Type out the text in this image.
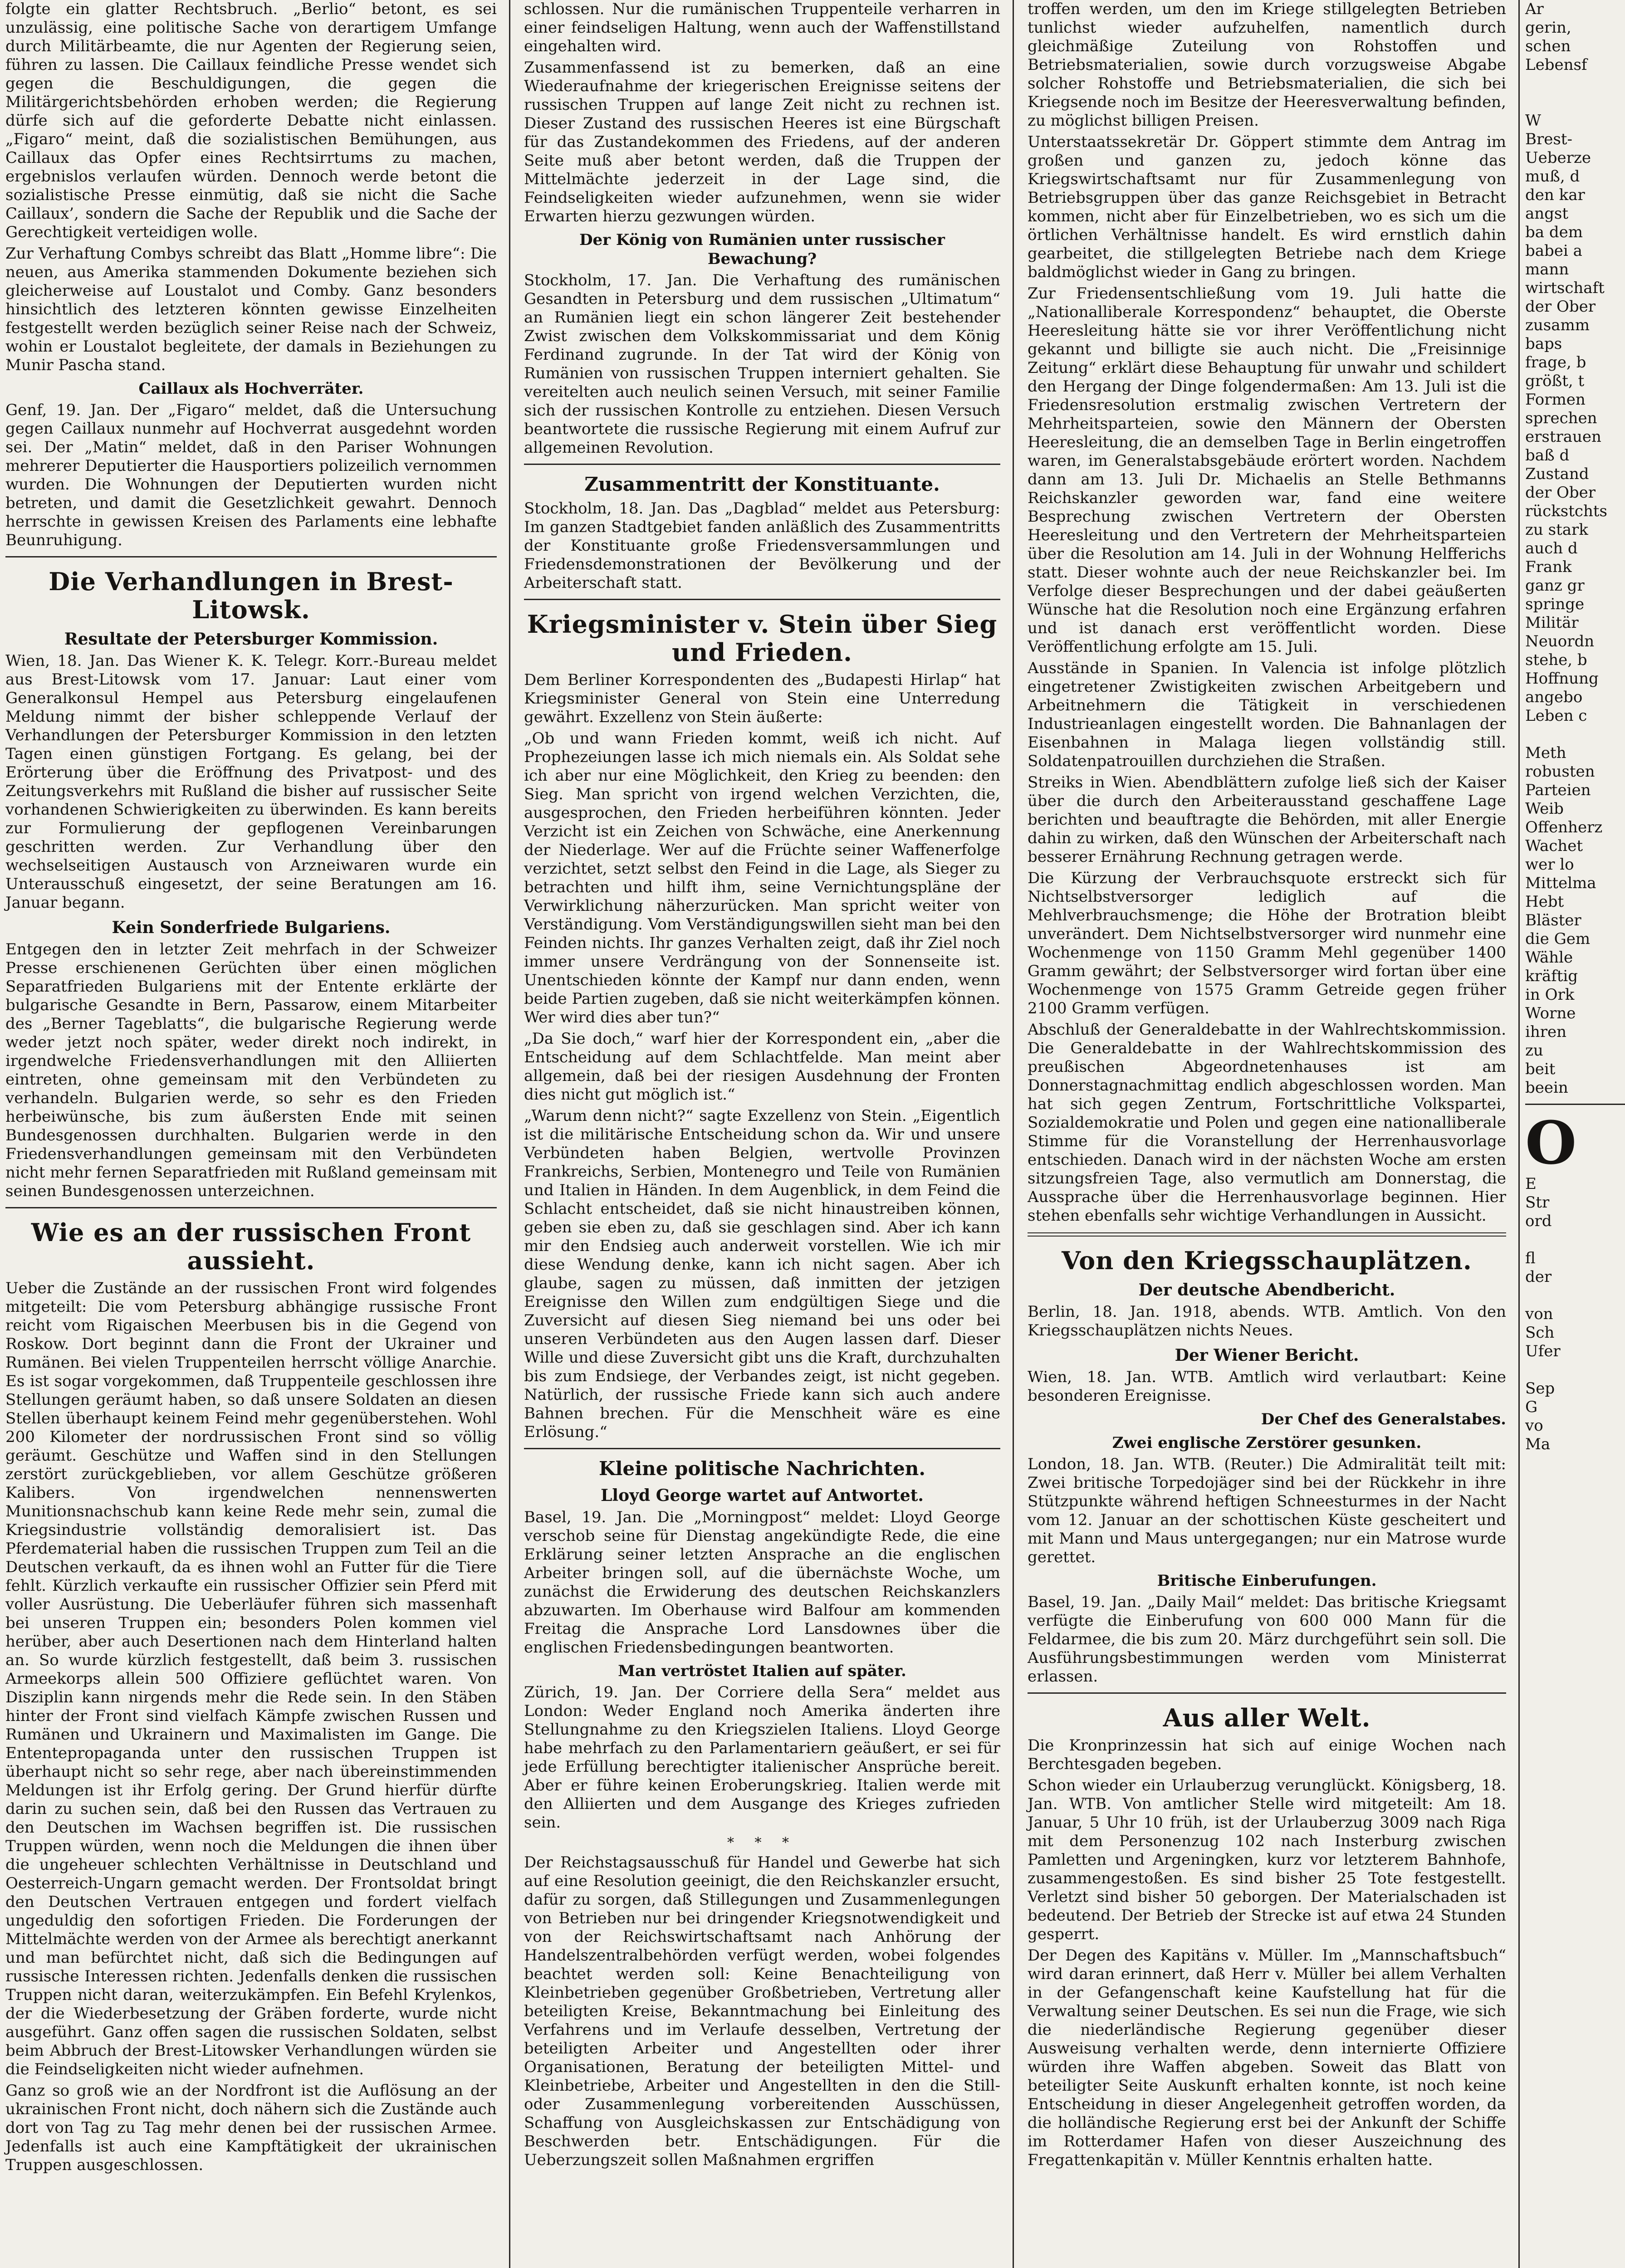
folgte ein glatter Rechtsbruch. „Berlio“ betont, es sei unzulässig, eine politische Sache von derartigem Umfange durch Militärbeamte, die nur Agenten der Regierung seien, führen zu lassen. Die Caillaux feindliche Presse wendet sich gegen die Beschuldigungen, die gegen die Militärgerichtsbehörden erhoben werden; die Regierung dürfe sich auf die geforderte Debatte nicht einlassen. „Figaro“ meint, daß die sozialistischen Bemühungen, aus Caillaux das Opfer eines Rechtsirrtums zu machen, ergebnislos verlaufen würden. Dennoch werde betont die sozialistische Presse einmütig, daß sie nicht die Sache Caillaux’, sondern die Sache der Republik und die Sache der Gerechtigkeit verteidigen wolle.

Zur Verhaftung Combys schreibt das Blatt „Homme libre“: Die neuen, aus Amerika stammenden Dokumente beziehen sich gleicherweise auf Loustalot und Comby. Ganz besonders hinsichtlich des letzteren könnten gewisse Einzelheiten festgestellt werden bezüglich seiner Reise nach der Schweiz, wohin er Loustalot begleitete, der damals in Beziehungen zu Munir Pascha stand.

Caillaux als Hochverräter.

Genf, 19. Jan. Der „Figaro“ meldet, daß die Untersuchung gegen Caillaux nunmehr auf Hochverrat ausgedehnt worden sei. Der „Matin“ meldet, daß in den Pariser Wohnungen mehrerer Deputierter die Hausportiers polizeilich vernommen wurden. Die Wohnungen der Deputierten wurden nicht betreten, und damit die Gesetzlichkeit gewahrt. Dennoch herrschte in gewissen Kreisen des Parlaments eine lebhafte Beunruhigung.

Die Verhandlungen in Brest-Litowsk.
Resultate der Petersburger Kommission.

Wien, 18. Jan. Das Wiener K. K. Telegr. Korr.-Bureau meldet aus Brest-Litowsk vom 17. Januar: Laut einer vom Generalkonsul Hempel aus Petersburg eingelaufenen Meldung nimmt der bisher schleppende Verlauf der Verhandlungen der Petersburger Kommission in den letzten Tagen einen günstigen Fortgang. Es gelang, bei der Erörterung über die Eröffnung des Privatpost- und des Zeitungsverkehrs mit Rußland die bisher auf russischer Seite vorhandenen Schwierigkeiten zu überwinden. Es kann bereits zur Formulierung der gepflogenen Vereinbarungen geschritten werden. Zur Verhandlung über den wechselseitigen Austausch von Arzneiwaren wurde ein Unterausschuß eingesetzt, der seine Beratungen am 16. Januar begann.

Kein Sonderfriede Bulgariens.

Entgegen den in letzter Zeit mehrfach in der Schweizer Presse erschienenen Gerüchten über einen möglichen Separatfrieden Bulgariens mit der Entente erklärte der bulgarische Gesandte in Bern, Passarow, einem Mitarbeiter des „Berner Tageblatts“, die bulgarische Regierung werde weder jetzt noch später, weder direkt noch indirekt, in irgendwelche Friedensverhandlungen mit den Alliierten eintreten, ohne gemeinsam mit den Verbündeten zu verhandeln. Bulgarien werde, so sehr es den Frieden herbeiwünsche, bis zum äußersten Ende mit seinen Bundesgenossen durchhalten. Bulgarien werde in den Friedensverhandlungen gemeinsam mit den Verbündeten nicht mehr fernen Separatfrieden mit Rußland gemeinsam mit seinen Bundesgenossen unterzeichnen.

Wie es an der russischen Front aussieht.

Ueber die Zustände an der russischen Front wird folgendes mitgeteilt: Die vom Petersburg abhängige russische Front reicht vom Rigaischen Meerbusen bis in die Gegend von Roskow. Dort beginnt dann die Front der Ukrainer und Rumänen. Bei vielen Truppenteilen herrscht völlige Anarchie. Es ist sogar vorgekommen, daß Truppenteile geschlossen ihre Stellungen geräumt haben, so daß unsere Soldaten an diesen Stellen überhaupt keinem Feind mehr gegenüberstehen. Wohl 200 Kilometer der nordrussischen Front sind so völlig geräumt. Geschütze und Waffen sind in den Stellungen zerstört zurückgeblieben, vor allem Geschütze größeren Kalibers. Von irgendwelchen nennenswerten Munitionsnachschub kann keine Rede mehr sein, zumal die Kriegsindustrie vollständig demoralisiert ist. Das Pferdematerial haben die russischen Truppen zum Teil an die Deutschen verkauft, da es ihnen wohl an Futter für die Tiere fehlt. Kürzlich verkaufte ein russischer Offizier sein Pferd mit voller Ausrüstung. Die Ueberläufer führen sich massenhaft bei unseren Truppen ein; besonders Polen kommen viel herüber, aber auch Desertionen nach dem Hinterland halten an. So wurde kürzlich festgestellt, daß beim 3. russischen Armeekorps allein 500 Offiziere geflüchtet waren. Von Disziplin kann nirgends mehr die Rede sein. In den Stäben hinter der Front sind vielfach Kämpfe zwischen Russen und Rumänen und Ukrainern und Maximalisten im Gange. Die Ententepropaganda unter den russischen Truppen ist überhaupt nicht so sehr rege, aber nach übereinstimmenden Meldungen ist ihr Erfolg gering. Der Grund hierfür dürfte darin zu suchen sein, daß bei den Russen das Vertrauen zu den Deutschen im Wachsen begriffen ist. Die russischen Truppen würden, wenn noch die Meldungen die ihnen über die ungeheuer schlechten Verhältnisse in Deutschland und Oesterreich-Ungarn gemacht werden. Der Frontsoldat bringt den Deutschen Vertrauen entgegen und fordert vielfach ungeduldig den sofortigen Frieden. Die Forderungen der Mittelmächte werden von der Armee als berechtigt anerkannt und man befürchtet nicht, daß sich die Bedingungen auf russische Interessen richten. Jedenfalls denken die russischen Truppen nicht daran, weiterzukämpfen. Ein Befehl Krylenkos, der die Wiederbesetzung der Gräben forderte, wurde nicht ausgeführt. Ganz offen sagen die russischen Soldaten, selbst beim Abbruch der Brest-Litowsker Verhandlungen würden sie die Feindseligkeiten nicht wieder aufnehmen.

Ganz so groß wie an der Nordfront ist die Auflösung an der ukrainischen Front nicht, doch nähern sich die Zustände auch dort von Tag zu Tag mehr denen bei der russischen Armee. Jedenfalls ist auch eine Kampftätigkeit der ukrainischen Truppen ausgeschlossen.

schlossen. Nur die rumänischen Truppenteile verharren in einer feindseligen Haltung, wenn auch der Waffenstillstand eingehalten wird.

Zusammenfassend ist zu bemerken, daß an eine Wiederaufnahme der kriegerischen Ereignisse seitens der russischen Truppen auf lange Zeit nicht zu rechnen ist. Dieser Zustand des russischen Heeres ist eine Bürgschaft für das Zustandekommen des Friedens, auf der anderen Seite muß aber betont werden, daß die Truppen der Mittelmächte jederzeit in der Lage sind, die Feindseligkeiten wieder aufzunehmen, wenn sie wider Erwarten hierzu gezwungen würden.

Der König von Rumänien unter russischer Bewachung?

Stockholm, 17. Jan. Die Verhaftung des rumänischen Gesandten in Petersburg und dem russischen „Ultimatum“ an Rumänien liegt ein schon längerer Zeit bestehender Zwist zwischen dem Volkskommissariat und dem König Ferdinand zugrunde. In der Tat wird der König von Rumänien von russischen Truppen interniert gehalten. Sie vereitelten auch neulich seinen Versuch, mit seiner Familie sich der russischen Kontrolle zu entziehen. Diesen Versuch beantwortete die russische Regierung mit einem Aufruf zur allgemeinen Revolution.

Zusammentritt der Konstituante.

Stockholm, 18. Jan. Das „Dagblad“ meldet aus Petersburg: Im ganzen Stadtgebiet fanden anläßlich des Zusammentritts der Konstituante große Friedensversammlungen und Friedensdemonstrationen der Bevölkerung und der Arbeiterschaft statt.

Kriegsminister v. Stein über Sieg und Frieden.

Dem Berliner Korrespondenten des „Budapesti Hirlap“ hat Kriegsminister General von Stein eine Unterredung gewährt. Exzellenz von Stein äußerte:

„Ob und wann Frieden kommt, weiß ich nicht. Auf Prophezeiungen lasse ich mich niemals ein. Als Soldat sehe ich aber nur eine Möglichkeit, den Krieg zu beenden: den Sieg. Man spricht von irgend welchen Verzichten, die, ausgesprochen, den Frieden herbeiführen könnten. Jeder Verzicht ist ein Zeichen von Schwäche, eine Anerkennung der Niederlage. Wer auf die Früchte seiner Waffenerfolge verzichtet, setzt selbst den Feind in die Lage, als Sieger zu betrachten und hilft ihm, seine Vernichtungspläne der Verwirklichung näherzurücken. Man spricht weiter von Verständigung. Vom Verständigungswillen sieht man bei den Feinden nichts. Ihr ganzes Verhalten zeigt, daß ihr Ziel noch immer unsere Verdrängung von der Sonnenseite ist. Unentschieden könnte der Kampf nur dann enden, wenn beide Partien zugeben, daß sie nicht weiterkämpfen können. Wer wird dies aber tun?“

„Da Sie doch,“ warf hier der Korrespondent ein, „aber die Entscheidung auf dem Schlachtfelde. Man meint aber allgemein, daß bei der riesigen Ausdehnung der Fronten dies nicht gut möglich ist.“

„Warum denn nicht?“ sagte Exzellenz von Stein. „Eigentlich ist die militärische Entscheidung schon da. Wir und unsere Verbündeten haben Belgien, wertvolle Provinzen Frankreichs, Serbien, Montenegro und Teile von Rumänien und Italien in Händen. In dem Augenblick, in dem Feind die Schlacht entscheidet, daß sie nicht hinaustreiben können, geben sie eben zu, daß sie geschlagen sind. Aber ich kann mir den Endsieg auch anderweit vorstellen. Wie ich mir diese Wendung denke, kann ich nicht sagen. Aber ich glaube, sagen zu müssen, daß inmitten der jetzigen Ereignisse den Willen zum endgültigen Siege und die Zuversicht auf diesen Sieg niemand bei uns oder bei unseren Verbündeten aus den Augen lassen darf. Dieser Wille und diese Zuversicht gibt uns die Kraft, durchzuhalten bis zum Endsiege, der Verbandes zeigt, ist nicht gegeben. Natürlich, der russische Friede kann sich auch andere Bahnen brechen. Für die Menschheit wäre es eine Erlösung.“

Kleine politische Nachrichten.
Lloyd George wartet auf Antwortet.

Basel, 19. Jan. Die „Morningpost“ meldet: Lloyd George verschob seine für Dienstag angekündigte Rede, die eine Erklärung seiner letzten Ansprache an die englischen Arbeiter bringen soll, auf die übernächste Woche, um zunächst die Erwiderung des deutschen Reichskanzlers abzuwarten. Im Oberhause wird Balfour am kommenden Freitag die Ansprache Lord Lansdownes über die englischen Friedensbedingungen beantworten.

Man vertröstet Italien auf später.

Zürich, 19. Jan. Der Corriere della Sera“ meldet aus London: Weder England noch Amerika änderten ihre Stellungnahme zu den Kriegszielen Italiens. Lloyd George habe mehrfach zu den Parlamentariern geäußert, er sei für jede Erfüllung berechtigter italienischer Ansprüche bereit. Aber er führe keinen Eroberungskrieg. Italien werde mit den Alliierten und dem Ausgange des Krieges zufrieden sein.

* * *

Der Reichstagsausschuß für Handel und Gewerbe hat sich auf eine Resolution geeinigt, die den Reichskanzler ersucht, dafür zu sorgen, daß Stillegungen und Zusammenlegungen von Betrieben nur bei dringender Kriegsnotwendigkeit und von der Reichswirtschaftsamt nach Anhörung der Handelszentralbehörden verfügt werden, wobei folgendes beachtet werden soll: Keine Benachteiligung von Kleinbetrieben gegenüber Großbetrieben, Vertretung aller beteiligten Kreise, Bekanntmachung bei Einleitung des Verfahrens und im Verlaufe desselben, Vertretung der beteiligten Arbeiter und Angestellten oder ihrer Organisationen, Beratung der beteiligten Mittel- und Kleinbetriebe, Arbeiter und Angestellten in den die Still- oder Zusammenlegung vorbereitenden Ausschüssen, Schaffung von Ausgleichskassen zur Entschädigung von Beschwerden betr. Entschädigungen. Für die Ueberzungszeit sollen Maßnahmen ergriffen

troffen werden, um den im Kriege stillgelegten Betrieben tunlichst wieder aufzuhelfen, namentlich durch gleichmäßige Zuteilung von Rohstoffen und Betriebsmaterialien, sowie durch vorzugsweise Abgabe solcher Rohstoffe und Betriebsmaterialien, die sich bei Kriegsende noch im Besitze der Heeresverwaltung befinden, zu möglichst billigen Preisen.

Unterstaatssekretär Dr. Göppert stimmte dem Antrag im großen und ganzen zu, jedoch könne das Kriegswirtschaftsamt nur für Zusammenlegung von Betriebsgruppen über das ganze Reichsgebiet in Betracht kommen, nicht aber für Einzelbetrieben, wo es sich um die örtlichen Verhältnisse handelt. Es wird ernstlich dahin gearbeitet, die stillgelegten Betriebe nach dem Kriege baldmöglichst wieder in Gang zu bringen.

Zur Friedensentschließung vom 19. Juli hatte die „Nationalliberale Korrespondenz“ behauptet, die Oberste Heeresleitung hätte sie vor ihrer Veröffentlichung nicht gekannt und billigte sie auch nicht. Die „Freisinnige Zeitung“ erklärt diese Behauptung für unwahr und schildert den Hergang der Dinge folgendermaßen: Am 13. Juli ist die Friedensresolution erstmalig zwischen Vertretern der Mehrheitsparteien, sowie den Männern der Obersten Heeresleitung, die an demselben Tage in Berlin eingetroffen waren, im Generalstabsgebäude erörtert worden. Nachdem dann am 13. Juli Dr. Michaelis an Stelle Bethmanns Reichskanzler geworden war, fand eine weitere Besprechung zwischen Vertretern der Obersten Heeresleitung und den Vertretern der Mehrheitsparteien über die Resolution am 14. Juli in der Wohnung Helfferichs statt. Dieser wohnte auch der neue Reichskanzler bei. Im Verfolge dieser Besprechungen und der dabei geäußerten Wünsche hat die Resolution noch eine Ergänzung erfahren und ist danach erst veröffentlicht worden. Diese Veröffentlichung erfolgte am 15. Juli.

Ausstände in Spanien. In Valencia ist infolge plötzlich eingetretener Zwistigkeiten zwischen Arbeitgebern und Arbeitnehmern die Tätigkeit in verschiedenen Industrieanlagen eingestellt worden. Die Bahnanlagen der Eisenbahnen in Malaga liegen vollständig still. Soldatenpatrouillen durchziehen die Straßen.

Streiks in Wien. Abendblättern zufolge ließ sich der Kaiser über die durch den Arbeiterausstand geschaffene Lage berichten und beauftragte die Behörden, mit aller Energie dahin zu wirken, daß den Wünschen der Arbeiterschaft nach besserer Ernährung Rechnung getragen werde.

Die Kürzung der Verbrauchsquote erstreckt sich für Nichtselbstversorger lediglich auf die Mehlverbrauchsmenge; die Höhe der Brotration bleibt unverändert. Dem Nichtselbstversorger wird nunmehr eine Wochenmenge von 1150 Gramm Mehl gegenüber 1400 Gramm gewährt; der Selbstversorger wird fortan über eine Wochenmenge von 1575 Gramm Getreide gegen früher 2100 Gramm verfügen.

Abschluß der Generaldebatte in der Wahlrechtskommission. Die Generaldebatte in der Wahlrechtskommission des preußischen Abgeordnetenhauses ist am Donnerstagnachmittag endlich abgeschlossen worden. Man hat sich gegen Zentrum, Fortschrittliche Volkspartei, Sozialdemokratie und Polen und gegen eine nationalliberale Stimme für die Voranstellung der Herrenhausvorlage entschieden. Danach wird in der nächsten Woche am ersten sitzungsfreien Tage, also vermutlich am Donnerstag, die Aussprache über die Herrenhausvorlage beginnen. Hier stehen ebenfalls sehr wichtige Verhandlungen in Aussicht.

Von den Kriegsschauplätzen.
Der deutsche Abendbericht.

Berlin, 18. Jan. 1918, abends. WTB. Amtlich. Von den Kriegsschauplätzen nichts Neues.

Der Wiener Bericht.

Wien, 18. Jan. WTB. Amtlich wird verlautbart: Keine besonderen Ereignisse.

Der Chef des Generalstabes.
Zwei englische Zerstörer gesunken.

London, 18. Jan. WTB. (Reuter.) Die Admiralität teilt mit: Zwei britische Torpedojäger sind bei der Rückkehr in ihre Stützpunkte während heftigen Schneesturmes in der Nacht vom 12. Januar an der schottischen Küste gescheitert und mit Mann und Maus untergegangen; nur ein Matrose wurde gerettet.

Britische Einberufungen.

Basel, 19. Jan. „Daily Mail“ meldet: Das britische Kriegsamt verfügte die Einberufung von 600 000 Mann für die Feldarmee, die bis zum 20. März durchgeführt sein soll. Die Ausführungsbestimmungen werden vom Ministerrat erlassen.

Aus aller Welt.

Die Kronprinzessin hat sich auf einige Wochen nach Berchtesgaden begeben.

Schon wieder ein Urlauberzug verunglückt. Königsberg, 18. Jan. WTB. Von amtlicher Stelle wird mitgeteilt: Am 18. Januar, 5 Uhr 10 früh, ist der Urlauberzug 3009 nach Riga mit dem Personenzug 102 nach Insterburg zwischen Pamletten und Argeningken, kurz vor letzterem Bahnhofe, zusammengestoßen. Es sind bisher 25 Tote festgestellt. Verletzt sind bisher 50 geborgen. Der Materialschaden ist bedeutend. Der Betrieb der Strecke ist auf etwa 24 Stunden gesperrt.

Der Degen des Kapitäns v. Müller. Im „Mannschaftsbuch“ wird daran erinnert, daß Herr v. Müller bei allem Verhalten in der Gefangenschaft keine Kaufstellung hat für die Verwaltung seiner Deutschen. Es sei nun die Frage, wie sich die niederländische Regierung gegenüber dieser Ausweisung verhalten werde, denn internierte Offiziere würden ihre Waffen abgeben. Soweit das Blatt von beteiligter Seite Auskunft erhalten konnte, ist noch keine Entscheidung in dieser Angelegenheit getroffen worden, da die holländische Regierung erst bei der Ankunft der Schiffe im Rotterdamer Hafen von dieser Auszeichnung des Fregattenkapitän v. Müller Kenntnis erhalten hatte.

Ar
gerin,
schen
Lebensf

W
Brest-
Ueberze
muß, d
den kar
angst
ba dem
babei a
mann
wirtschaft
der Ober
zusamm
baps
frage, b
größt, t
Formen
sprechen
erstrauen
baß d
Zustand
der Ober
rückstchts
zu stark
auch d
Frank
ganz gr
springe
Militär
Neuordn
stehe, b
Hoffnung
angebo
Leben c

Meth
robusten
Parteien
Weib
Offenherz
Wachet
wer lo
Mittelma
Hebt
Bläster
die Gem
Wähle
kräftig
in Ork
Worne
ihren
zu
beit
beein

O

E
Str
ord

fl
der

von
Sch
Ufer

Sep
G
vo
Ma
